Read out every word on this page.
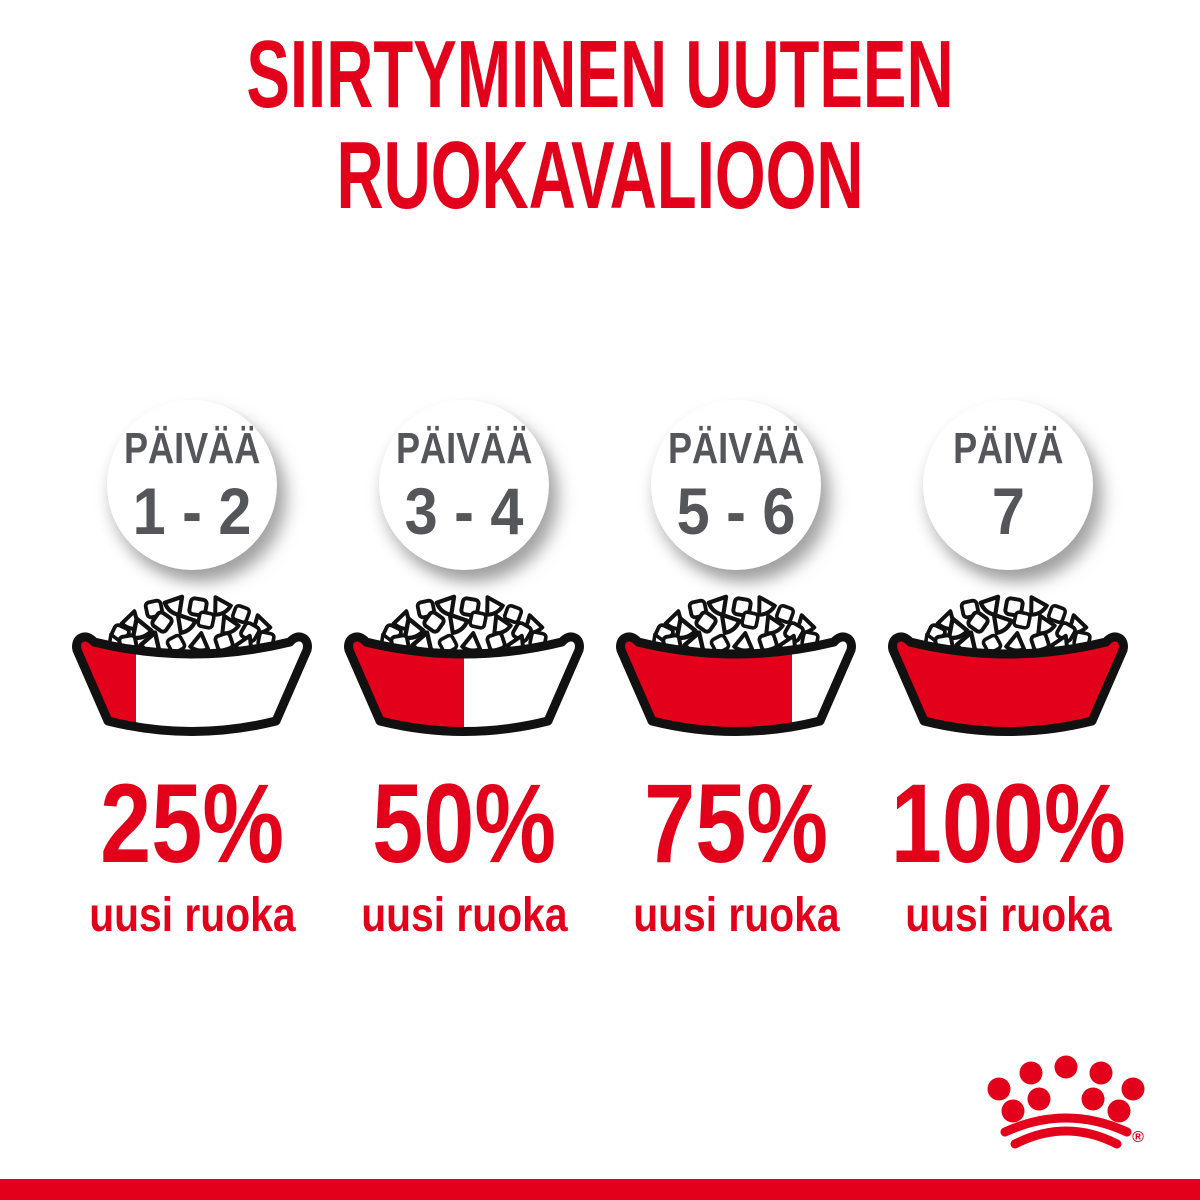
SIIRTYMINEN UUTEEN
RUOKAVALIOON
PÄIVÄÄ
1 - 2
25%
uusi ruoka
PÄIVÄÄ
3 - 4
50%
uusi ruoka
PÄIVÄÄ
5 - 6
75%
uusi ruoka
PÄIVÄ
7
100%
uusi ruoka
®
